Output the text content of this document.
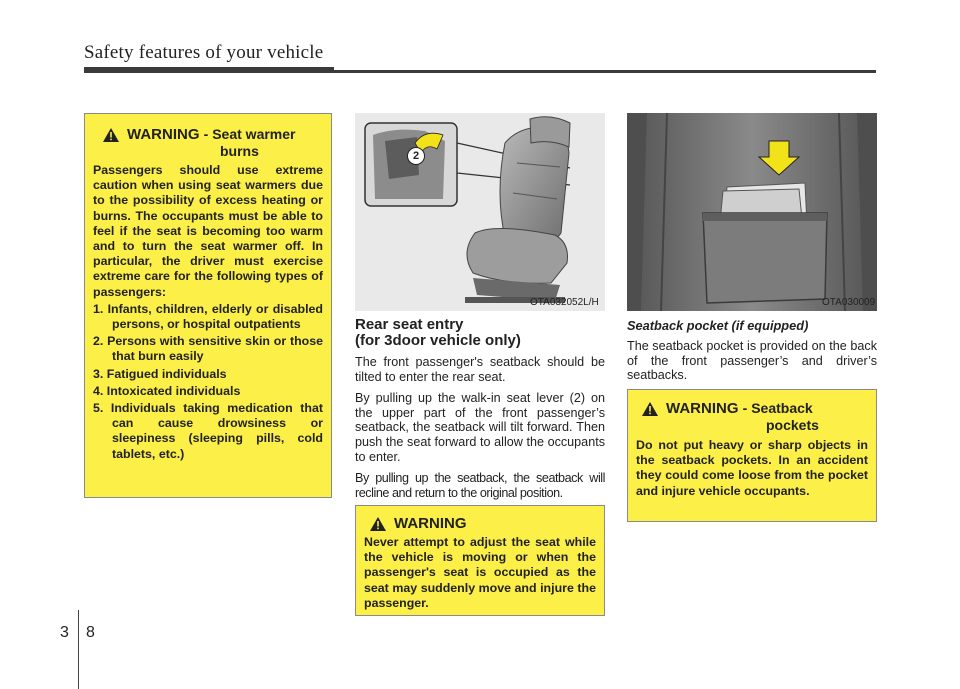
Safety features of your vehicle
WARNING - Seat warmer
burns
Passengers should use extreme caution when using seat warmers due to the possibility of excess heating or burns. The occupants must be able to feel if the seat is becoming too warm and to turn the seat warmer off. In particular, the driver must exercise extreme care for the following types of passengers:
1. Infants, children, elderly or disabled persons, or hospital outpatients
2. Persons with sensitive skin or those that burn easily
3. Fatigued individuals
4. Intoxicated individuals
5. Individuals taking medication that can cause drowsiness or sleepiness (sleeping pills, cold tablets, etc.)
2
OTA032052L/H
Rear seat entry
(for 3door vehicle only)

The front passenger's seatback should be tilted to enter the rear seat.

By pulling up the walk-in seat lever (2) on the upper part of the front passenger’s seatback, the seatback will tilt forward. Then push the seat forward to allow the occupants to enter.

By pulling up the seatback, the seatback will recline and return to the original position.

WARNING
Never attempt to adjust the seat while the vehicle is moving or when the passenger's seat is occupied as the seat may suddenly move and injure the passenger.
OTA030009
Seatback pocket (if equipped)

The seatback pocket is provided on the back of the front passenger’s and driver’s seatbacks.

WARNING - Seatback
pockets
Do not put heavy or sharp objects in the seatback pockets. In an accident they could come loose from the pocket and injure vehicle occupants.
3 8
